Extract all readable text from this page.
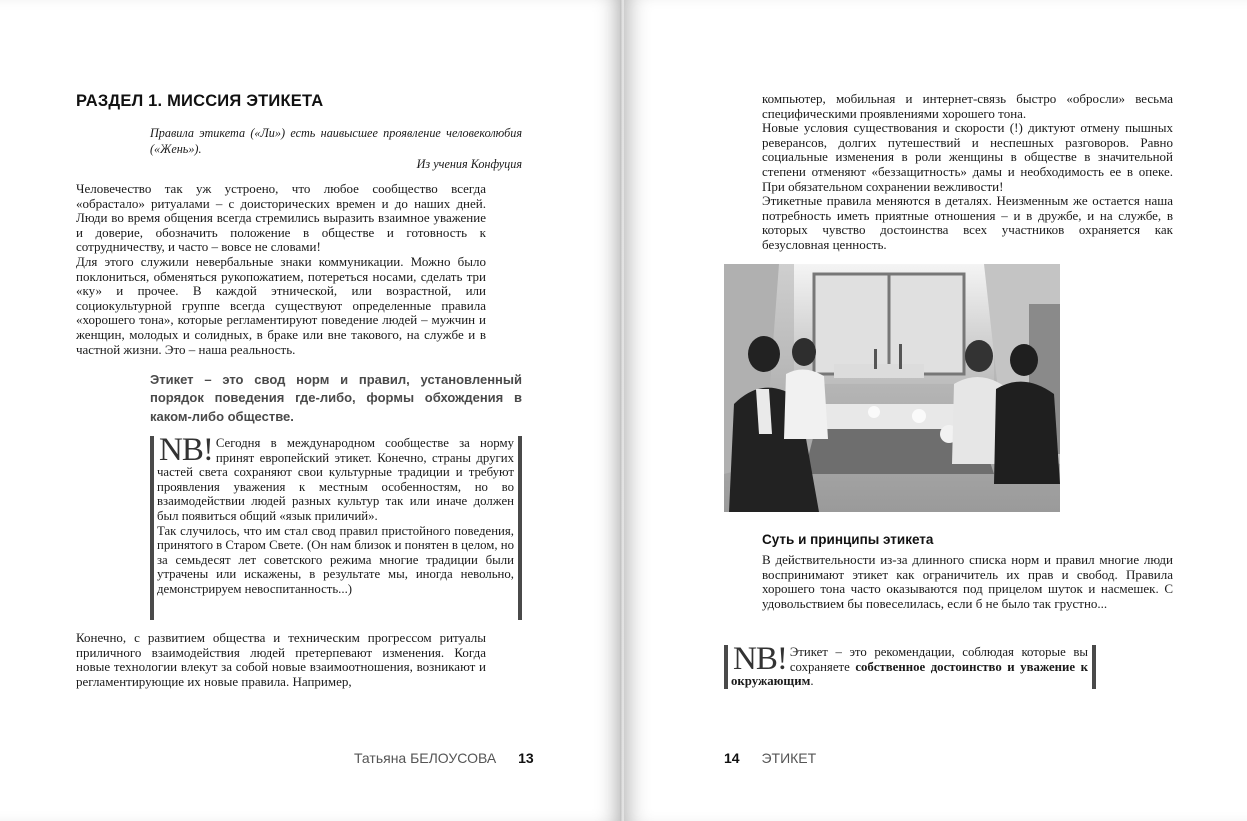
РАЗДЕЛ 1. МИССИЯ ЭТИКЕТА

Правила этикета («Ли») есть наивысшее проявление человеколюбия («Жень»).

Из учения Конфуция

Человечество так уж устроено, что любое сообщество всегда «обрастало» ритуалами – с доисторических времен и до наших дней. Люди во время общения всегда стремились выразить взаимное уважение и доверие, обозначить положение в обществе и готовность к сотрудничеству, и часто – вовсе не словами!

Для этого служили невербальные знаки коммуникации. Можно было поклониться, обменяться рукопожатием, потереться носами, сделать три «ку» и прочее. В каждой этнической, или возрастной, или социокультурной группе всегда существуют определенные правила «хорошего тона», которые регламентируют поведение людей – мужчин и женщин, молодых и солидных, в браке или вне такового, на службе и в частной жизни. Это – наша реальность.

Этикет – это свод норм и правил, установленный порядок поведения где-либо, формы обхождения в каком-либо обществе.
NB! Сегодня в международном сообществе за норму принят европейский этикет. Конечно, страны других частей света сохраняют свои культурные традиции и требуют проявления уважения к местным особенностям, но во взаимодействии людей разных культур так или иначе должен был появиться общий «язык приличий».

Так случилось, что им стал свод правил пристойного поведения, принятого в Старом Свете. (Он нам близок и понятен в целом, но за семьдесят лет советского режима многие традиции были утрачены или искажены, в результате мы, иногда невольно, демонстрируем невоспитанность...)

Конечно, с развитием общества и техническим прогрессом ритуалы приличного взаимодействия людей претерпевают изменения. Когда новые технологии влекут за собой новые взаимоотношения, возникают и регламентирующие их новые правила. Например,

Татьяна БЕЛОУСОВА 13

компьютер, мобильная и интернет-связь быстро «обросли» весьма специфическими проявлениями хорошего тона.

Новые условия существования и скорости (!) диктуют отмену пышных реверансов, долгих путешествий и неспешных разговоров. Равно социальные изменения в роли женщины в обществе в значительной степени отменяют «беззащитность» дамы и необходимость ее в опеке. При обязательном сохранении вежливости!

Этикетные правила меняются в деталях. Неизменным же остается наша потребность иметь приятные отношения – и в дружбе, и на службе, в которых чувство достоинства всех участников охраняется как безусловная ценность.

Суть и принципы этикета

В действительности из-за длинного списка норм и правил многие люди воспринимают этикет как ограничитель их прав и свобод. Правила хорошего тона часто оказываются под прицелом шуток и насмешек. С удовольствием бы повеселилась, если б не было так грустно...

NB! Этикет – это рекомендации, соблюдая которые вы сохраняете собственное достоинство и уважение к окружающим.
14 ЭТИКЕТ
